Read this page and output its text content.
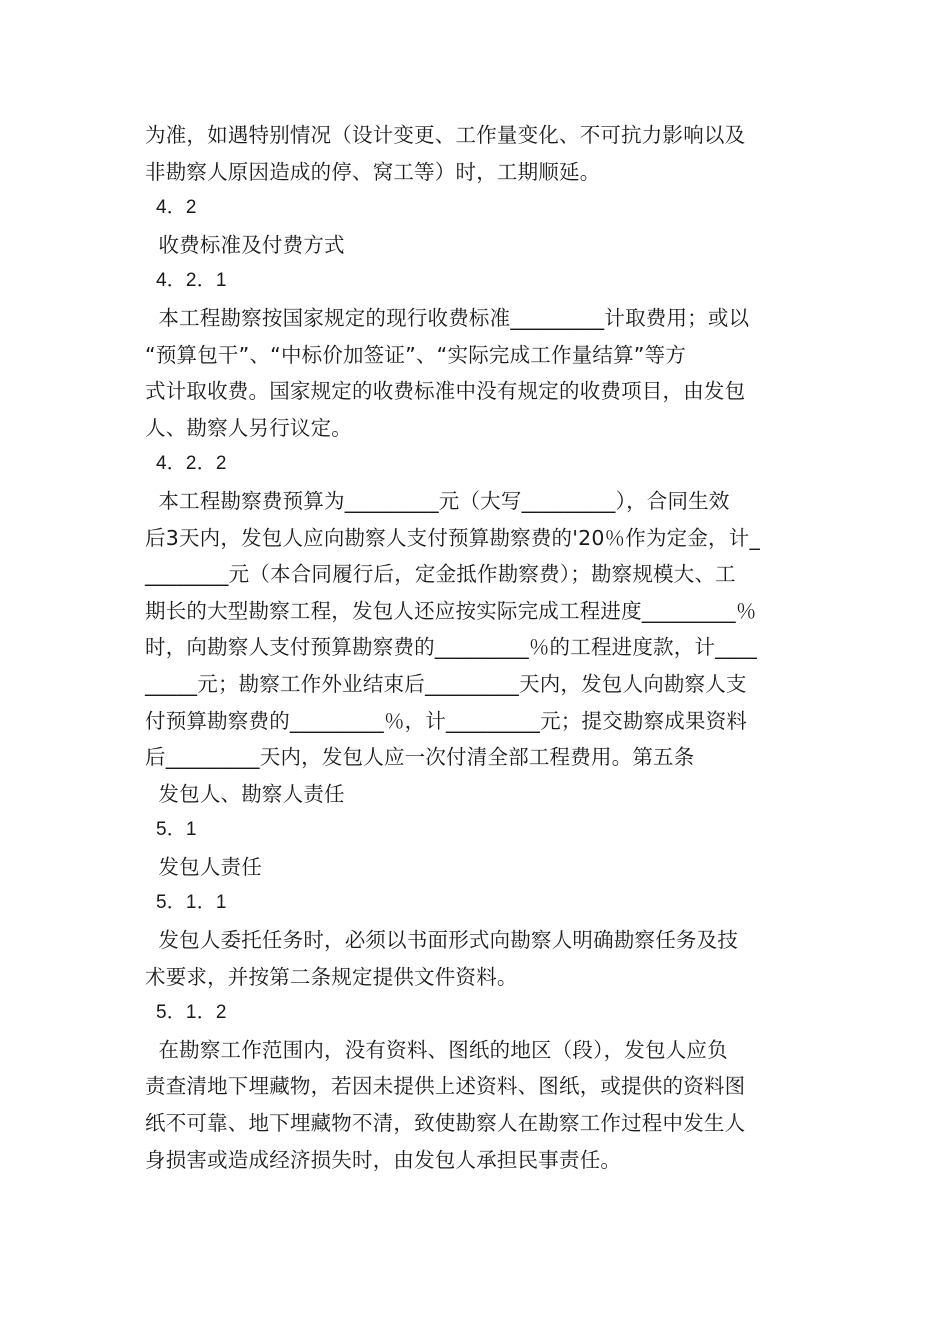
为准，如遇特别情况（设计变更、工作量变化、不可抗力影响以及
非勘察人原因造成的停、窝工等）时，工期顺延。
4．2
收费标准及付费方式
4．2．1
本工程勘察按国家规定的现行收费标准_________计取费用；或以
“预算包干”、“中标价加签证”、“实际完成工作量结算”等方
式计取收费。国家规定的收费标准中没有规定的收费项目，由发包
人、勘察人另行议定。
4．2．2
本工程勘察费预算为_________元（大写_________），合同生效
后3天内，发包人应向勘察人支付预算勘察费的'20％作为定金，计_
________元（本合同履行后，定金抵作勘察费）；勘察规模大、工
期长的大型勘察工程，发包人还应按实际完成工程进度_________％
时，向勘察人支付预算勘察费的_________％的工程进度款，计____
_____元；勘察工作外业结束后_________天内，发包人向勘察人支
付预算勘察费的_________％，计_________元；提交勘察成果资料
后_________天内，发包人应一次付清全部工程费用。第五条
发包人、勘察人责任
5．1
发包人责任
5．1．1
发包人委托任务时，必须以书面形式向勘察人明确勘察任务及技
术要求，并按第二条规定提供文件资料。
5．1．2
在勘察工作范围内，没有资料、图纸的地区（段），发包人应负
责查清地下埋藏物，若因未提供上述资料、图纸，或提供的资料图
纸不可靠、地下埋藏物不清，致使勘察人在勘察工作过程中发生人
身损害或造成经济损失时，由发包人承担民事责任。
